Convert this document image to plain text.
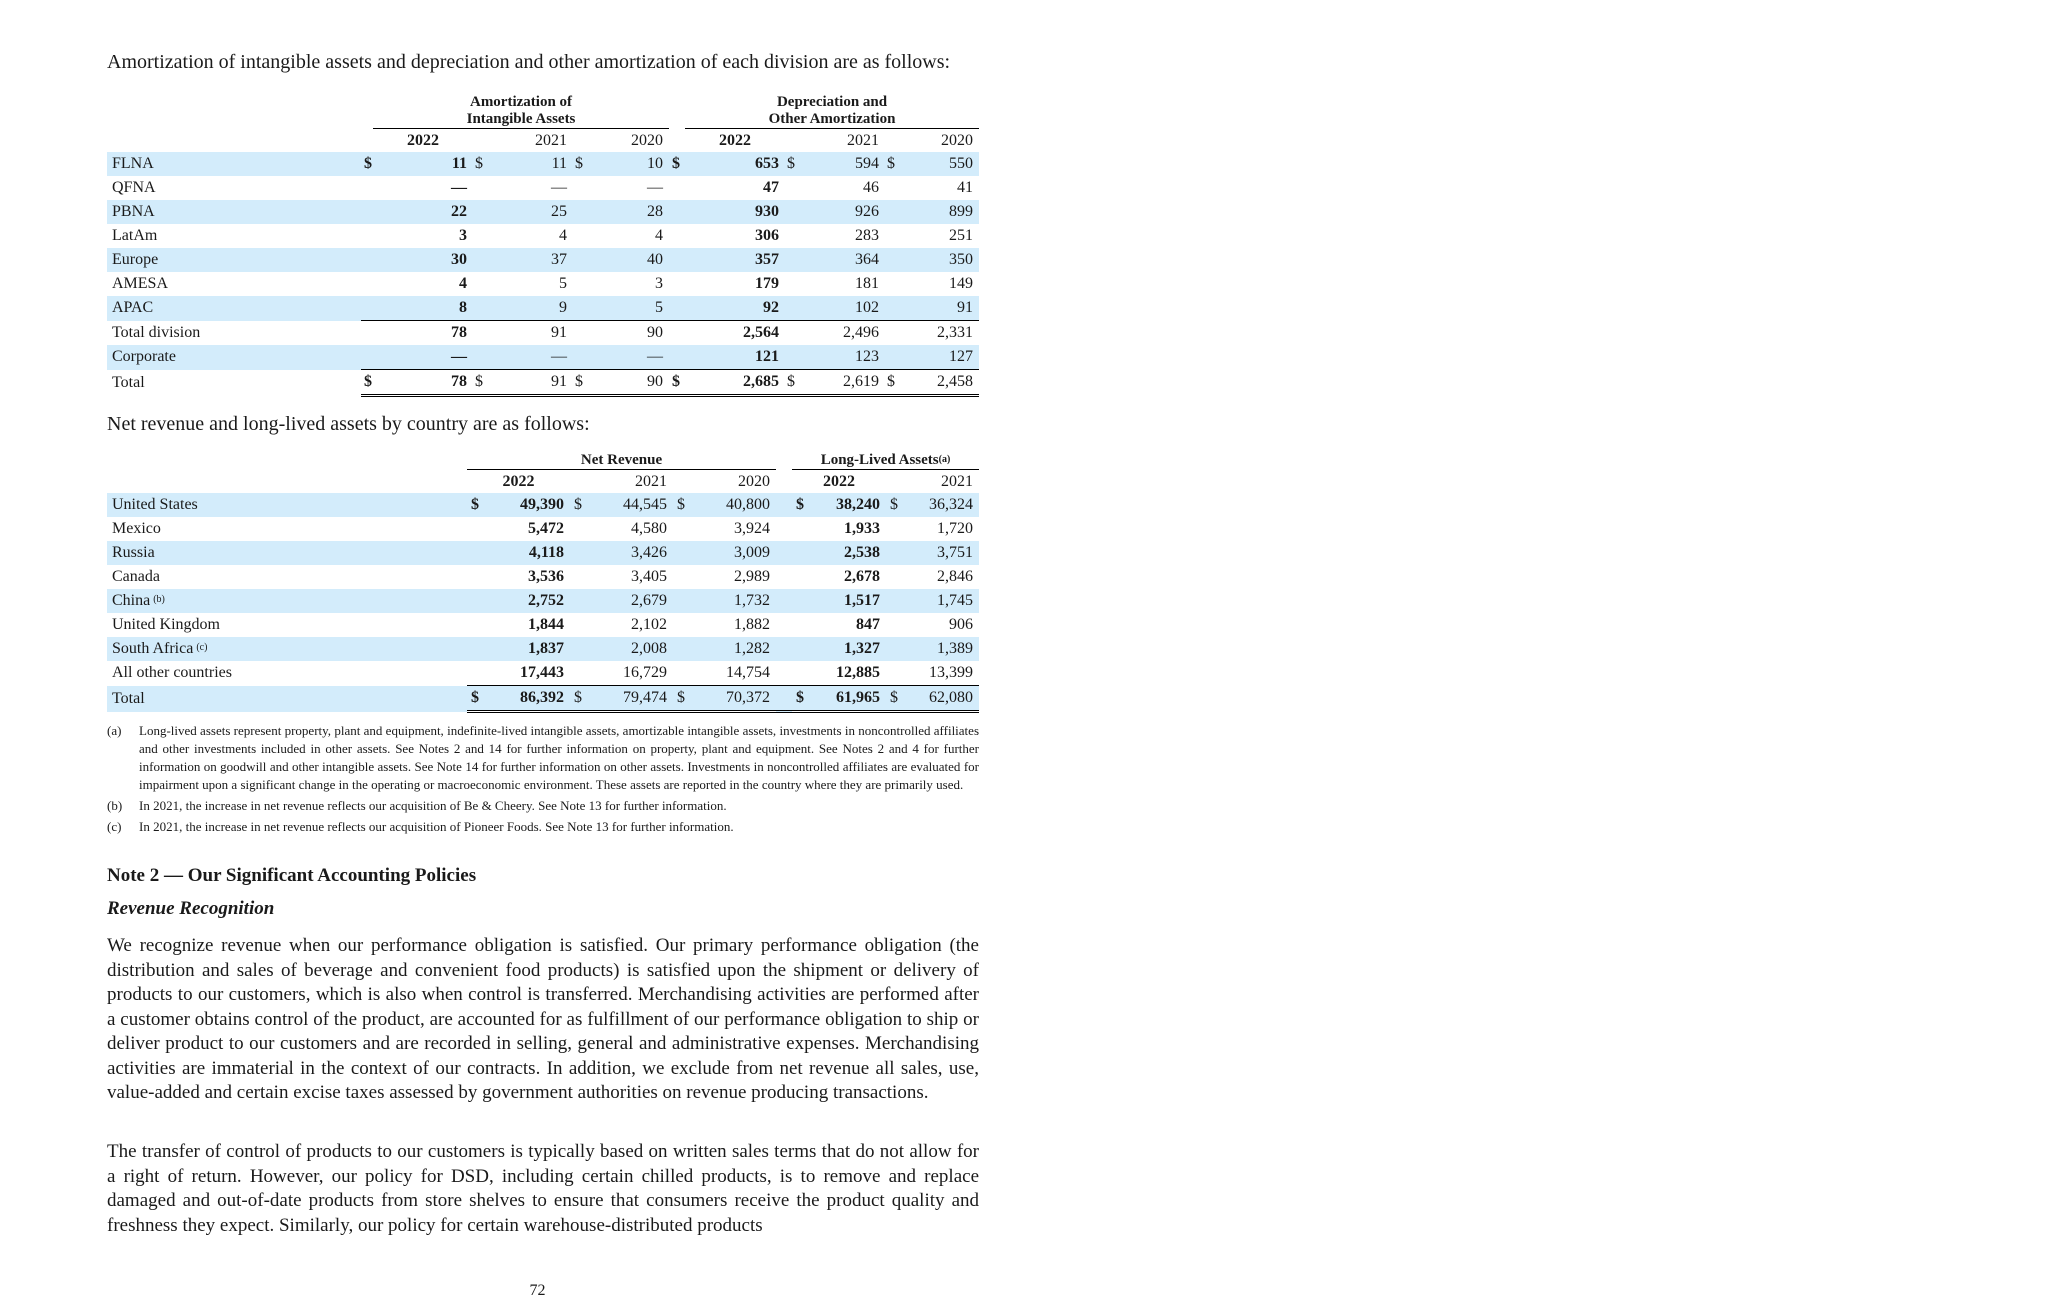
Amortization of intangible assets and depreciation and other amortization of each division are as follows:
		Amortization of
Intangible Assets				Depreciation and
Other Amortization		
		2022	2021	2020		2022	2021	2020
FLNA	$	11	$ 11	$ 10	$	653	$ 594	$ 550
QFNA		—	—	—		47	46	41
PBNA		22	25	28		930	926	899
LatAm		3	4	4		306	283	251
Europe		30	37	40		357	364	350
AMESA		4	5	3		179	181	149
APAC		8	9	5		92	102	91
Total division		78	91	90		2,564	2,496	2,331
Corporate		—	—	—		121	123	127
Total	$	78	$ 91	$ 90	$	2,685	$ 2,619	$ 2,458
Net revenue and long-lived assets by country are as follows:
	Net Revenue				Long-Lived Assets$^{(a)}$
	2022	2021	2020		2022	2021
United States	$ 49,390	$ 44,545	$ 40,800		$ 38,240	$ 36,324
Mexico	5,472	4,580	3,924		1,933	1,720
Russia	4,118	3,426	3,009		2,538	3,751
Canada	3,536	3,405	2,989		2,678	2,846
China $^{(b)}$	2,752	2,679	1,732		1,517	1,745
United Kingdom	1,844	2,102	1,882		847	906
South Africa $^{(c)}$	1,837	2,008	1,282		1,327	1,389
All other countries	17,443	16,729	14,754		12,885	13,399
Total	$ 86,392	$ 79,474	$ 70,372		$ 61,965	$ 62,080
(a)	Long-lived assets represent property, plant and equipment, indefinite-lived intangible assets, amortizable intangible assets, investments in noncontrolled affiliates and other investments included in other assets. See Notes 2 and 14 for further information on property, plant and equipment. See Notes 2 and 4 for further information on goodwill and other intangible assets. See Note 14 for further information on other assets. Investments in noncontrolled affiliates are evaluated for impairment upon a significant change in the operating or macroeconomic environment. These assets are reported in the country where they are primarily used.
(b)	In 2021, the increase in net revenue reflects our acquisition of Be & Cheery. See Note 13 for further information.
(c)	In 2021, the increase in net revenue reflects our acquisition of Pioneer Foods. See Note 13 for further information.
Note 2 — Our Significant Accounting Policies
Revenue Recognition
We recognize revenue when our performance obligation is satisfied. Our primary performance obligation (the distribution and sales of beverage and convenient food products) is satisfied upon the shipment or delivery of products to our customers, which is also when control is transferred. Merchandising activities are performed after a customer obtains control of the product, are accounted for as fulfillment of our performance obligation to ship or deliver product to our customers and are recorded in selling, general and administrative expenses. Merchandising activities are immaterial in the context of our contracts. In addition, we exclude from net revenue all sales, use, value-added and certain excise taxes assessed by government authorities on revenue producing transactions.
The transfer of control of products to our customers is typically based on written sales terms that do not allow for a right of return. However, our policy for DSD, including certain chilled products, is to remove and replace damaged and out-of-date products from store shelves to ensure that consumers receive the product quality and freshness they expect. Similarly, our policy for certain warehouse-distributed products
72
